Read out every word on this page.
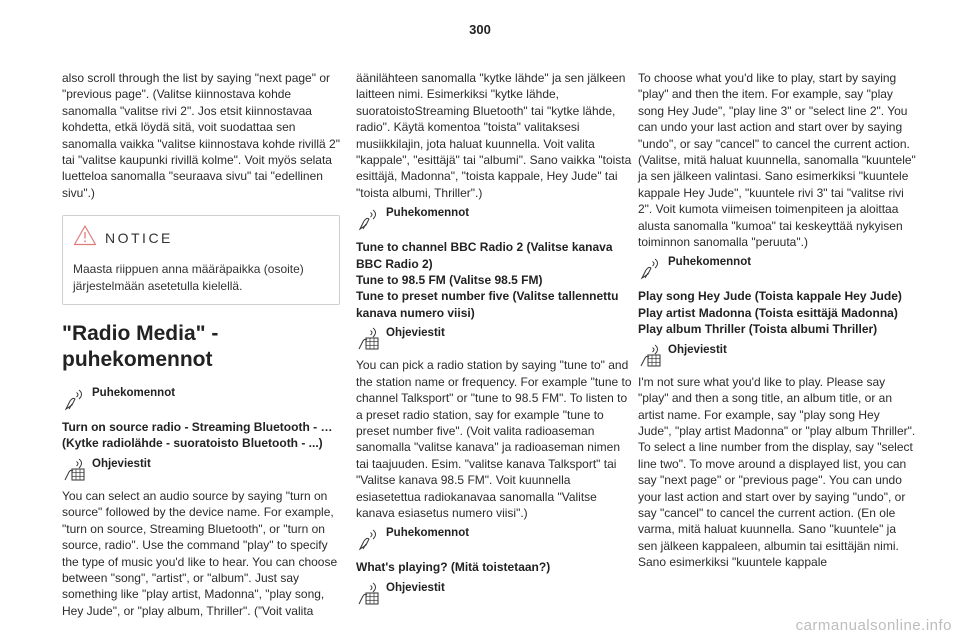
300

also scroll through the list by saying "next page" or "previous page". (Valitse kiinnostava kohde sanomalla "valitse rivi 2". Jos etsit kiinnostavaa kohdetta, etkä löydä sitä, voit suodattaa sen sanomalla vaikka "valitse kiinnostava kohde rivillä 2" tai "valitse kaupunki rivillä kolme". Voit myös selata luetteloa sanomalla "seuraava sivu" tai "edellinen sivu".)

NOTICE

Maasta riippuen anna määräpaikka (osoite) järjestelmään asetetulla kielellä.

"Radio Media" -puhekomennot
Puhekomennot

Turn on source radio - Streaming Bluetooth - … (Kytke radiolähde - suoratoisto Bluetooth - ...)

Ohjeviestit

You can select an audio source by saying "turn on source" followed by the device name. For example, "turn on source, Streaming Bluetooth", or "turn on source, radio". Use the command "play" to specify the type of music you'd like to hear. You can choose between "song", "artist", or "album". Just say something like "play artist, Madonna", "play song, Hey Jude", or "play album, Thriller". (”Voit valita

äänilähteen sanomalla "kytke lähde" ja sen jälkeen laitteen nimi. Esimerkiksi "kytke lähde, suoratoistoStreaming Bluetooth" tai "kytke lähde, radio". Käytä komentoa "toista" valitaksesi musiikkilajin, jota haluat kuunnella. Voit valita "kappale", "esittäjä" tai "albumi". Sano vaikka "toista esittäjä, Madonna", "toista kappale, Hey Jude" tai "toista albumi, Thriller".)

Puhekomennot

Tune to channel BBC Radio 2 (Valitse kanava BBC Radio 2)
Tune to 98.5 FM (Valitse 98.5 FM)
Tune to preset number five (Valitse tallennettu kanava numero viisi)

Ohjeviestit

You can pick a radio station by saying "tune to" and the station name or frequency. For example "tune to channel Talksport" or "tune to 98.5 FM". To listen to a preset radio station, say for example "tune to preset number five". (Voit valita radioaseman sanomalla "valitse kanava" ja radioaseman nimen tai taajuuden. Esim. "valitse kanava Talksport" tai "Valitse kanava 98.5 FM". Voit kuunnella esiasetettua radiokanavaa sanomalla "Valitse kanava esiasetus numero viisi".)

Puhekomennot

What's playing? (Mitä toistetaan?)

Ohjeviestit

To choose what you'd like to play, start by saying "play" and then the item. For example, say "play song Hey Jude", "play line 3" or "select line 2". You can undo your last action and start over by saying "undo", or say "cancel" to cancel the current action. (Valitse, mitä haluat kuunnella, sanomalla "kuuntele" ja sen jälkeen valintasi. Sano esimerkiksi "kuuntele kappale Hey Jude", "kuuntele rivi 3" tai "valitse rivi 2". Voit kumota viimeisen toimenpiteen ja aloittaa alusta sanomalla "kumoa" tai keskeyttää nykyisen toiminnon sanomalla "peruuta".)

Puhekomennot

Play song Hey Jude (Toista kappale Hey Jude)
Play artist Madonna (Toista esittäjä Madonna)
Play album Thriller (Toista albumi Thriller)

Ohjeviestit

I'm not sure what you'd like to play. Please say "play" and then a song title, an album title, or an artist name. For example, say "play song Hey Jude", "play artist Madonna" or "play album Thriller". To select a line number from the display, say "select line two". To move around a displayed list, you can say "next page" or "previous page". You can undo your last action and start over by saying "undo", or say "cancel" to cancel the current action. (En ole varma, mitä haluat kuunnella. Sano "kuuntele" ja sen jälkeen kappaleen, albumin tai esittäjän nimi. Sano esimerkiksi "kuuntele kappale

carmanualsonline.info
